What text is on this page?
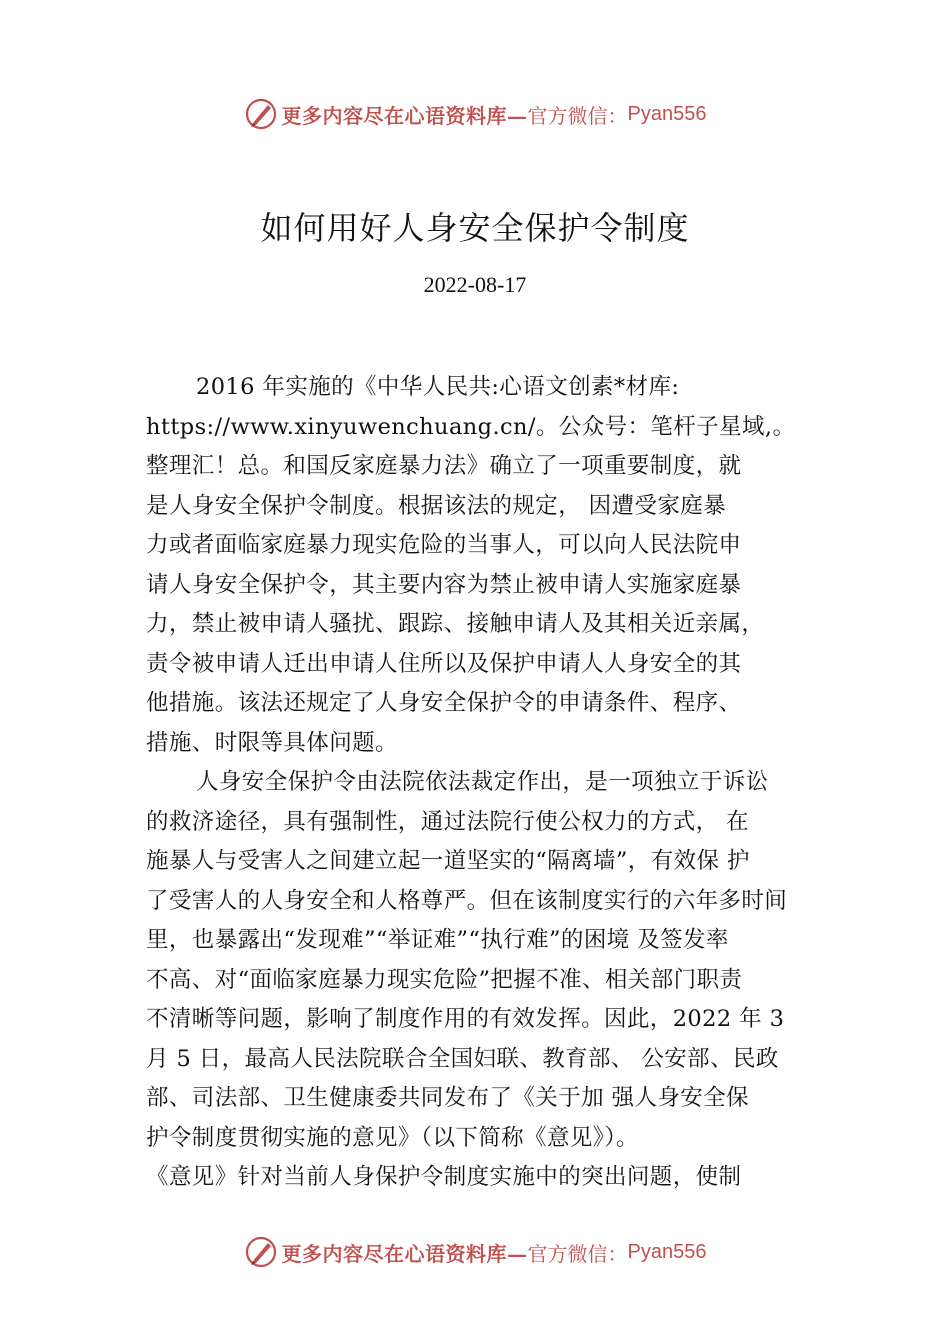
更多内容尽在心语资料库— 官方微信： Pyan556
如何用好人身安全保护令制度
2022-08-17
2016 年实施的《中华人民共:心语文创素*材库:
https://www.xinyuwenchuang.cn/。公众号：笔杆子星域,。
整理汇！总。和国反家庭暴力法》确立了一项重要制度，就
是人身安全保护令制度。根据该法的规定， 因遭受家庭暴
力或者面临家庭暴力现实危险的当事人，可以向人民法院申
请人身安全保护令，其主要内容为禁止被申请人实施家庭暴
力，禁止被申请人骚扰、跟踪、接触申请人及其相关近亲属，
责令被申请人迁出申请人住所以及保护申请人人身安全的其
他措施。该法还规定了人身安全保护令的申请条件、程序、
措施、时限等具体问题。
人身安全保护令由法院依法裁定作出，是一项独立于诉讼
的救济途径，具有强制性，通过法院行使公权力的方式， 在
施暴人与受害人之间建立起一道坚实的“隔离墙”，有效保 护
了受害人的人身安全和人格尊严。但在该制度实行的六年多时间
里，也暴露出“发现难”“举证难”“执行难”的困境 及签发率
不高、对“面临家庭暴力现实危险”把握不准、相关部门职责
不清晰等问题，影响了制度作用的有效发挥。因此，2022 年 3
月 5 日，最高人民法院联合全国妇联、教育部、 公安部、民政
部、司法部、卫生健康委共同发布了《关于加 强人身安全保
护令制度贯彻实施的意见》（以下简称《意见》）。
《意见》针对当前人身保护令制度实施中的突出问题，使制
更多内容尽在心语资料库— 官方微信： Pyan556
